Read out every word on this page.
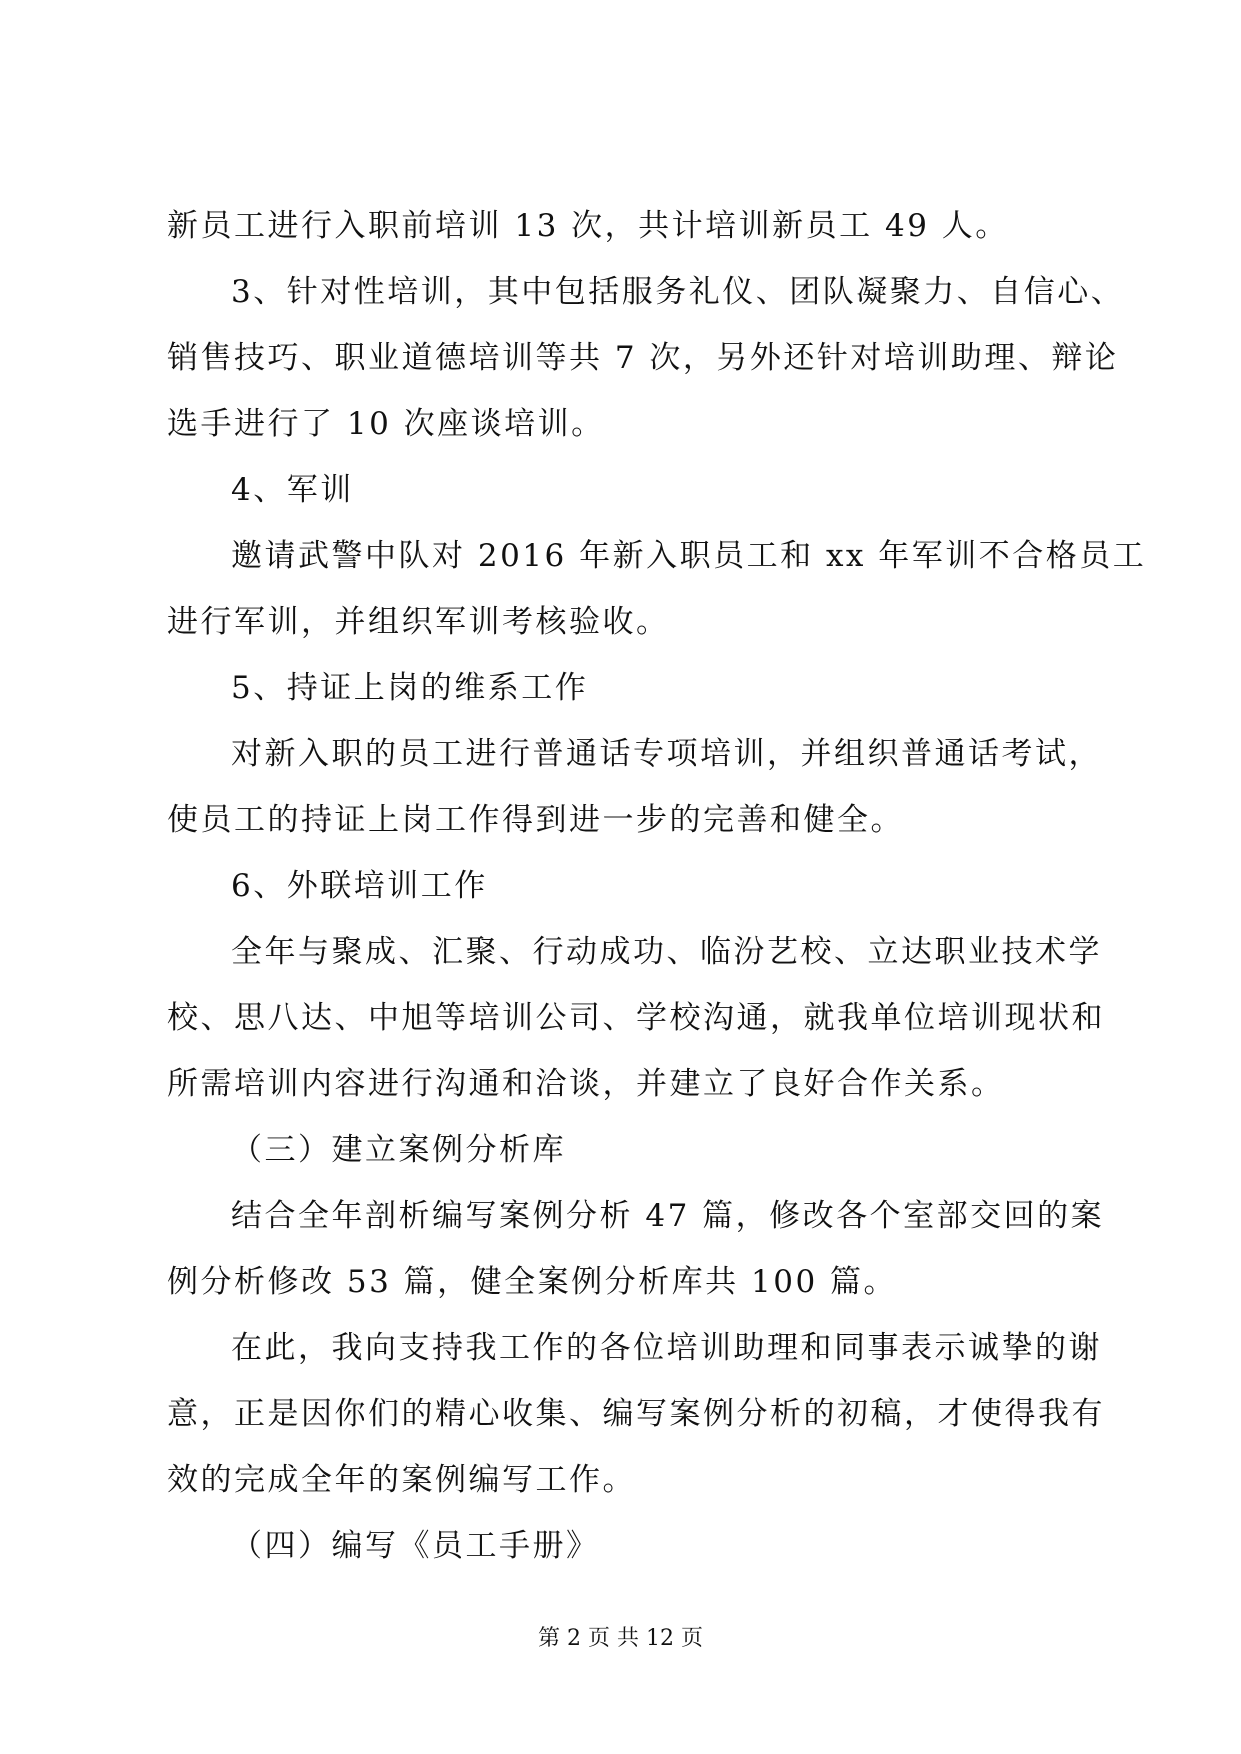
新员工进行入职前培训 13 次，共计培训新员工 49 人。
3、针对性培训，其中包括服务礼仪、团队凝聚力、自信心、
销售技巧、职业道德培训等共 7 次，另外还针对培训助理、辩论
选手进行了 10 次座谈培训。
4、军训
邀请武警中队对 2016 年新入职员工和 xx 年军训不合格员工
进行军训，并组织军训考核验收。
5、持证上岗的维系工作
对新入职的员工进行普通话专项培训，并组织普通话考试，
使员工的持证上岗工作得到进一步的完善和健全。
6、外联培训工作
全年与聚成、汇聚、行动成功、临汾艺校、立达职业技术学
校、思八达、中旭等培训公司、学校沟通，就我单位培训现状和
所需培训内容进行沟通和洽谈，并建立了良好合作关系。
（三）建立案例分析库
结合全年剖析编写案例分析 47 篇，修改各个室部交回的案
例分析修改 53 篇，健全案例分析库共 100 篇。
在此，我向支持我工作的各位培训助理和同事表示诚挚的谢
意，正是因你们的精心收集、编写案例分析的初稿，才使得我有
效的完成全年的案例编写工作。
（四）编写《员工手册》
第 2 页 共 12 页
